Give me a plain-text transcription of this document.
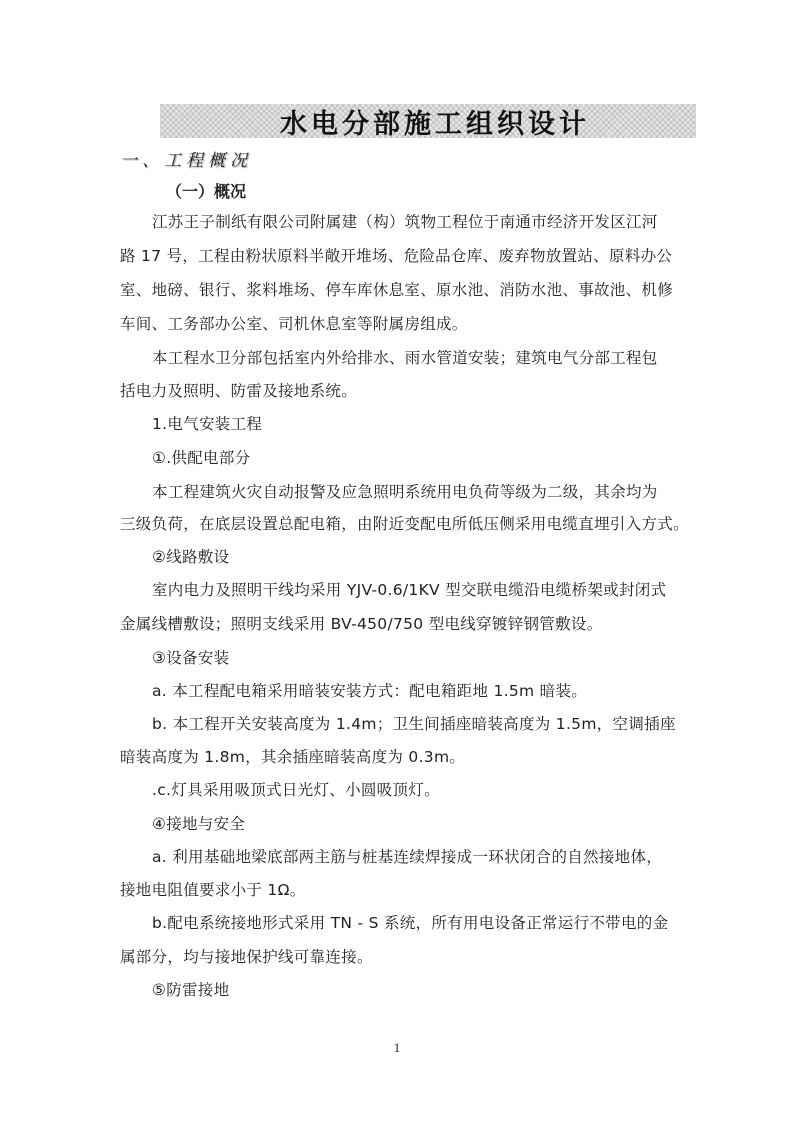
水电分部施工组织设计
一、工程概况
（一）概况
江苏王子制纸有限公司附属建（构）筑物工程位于南通市经济开发区江河
路 17 号，工程由粉状原料半敞开堆场、危险品仓库、废弃物放置站、原料办公
室、地磅、银行、浆料堆场、停车库休息室、原水池、消防水池、事故池、机修
车间、工务部办公室、司机休息室等附属房组成。
本工程水卫分部包括室内外给排水、雨水管道安装；建筑电气分部工程包
括电力及照明、防雷及接地系统。
1.电气安装工程
①.供配电部分
本工程建筑火灾自动报警及应急照明系统用电负荷等级为二级，其余均为
三级负荷，在底层设置总配电箱，由附近变配电所低压侧采用电缆直埋引入方式。
②线路敷设
室内电力及照明干线均采用 YJV-0.6/1KV 型交联电缆沿电缆桥架或封闭式
金属线槽敷设；照明支线采用 BV-450/750 型电线穿镀锌钢管敷设。
③设备安装
a. 本工程配电箱采用暗装安装方式：配电箱距地 1.5m 暗装。
b. 本工程开关安装高度为 1.4m；卫生间插座暗装高度为 1.5m，空调插座
暗装高度为 1.8m，其余插座暗装高度为 0.3m。
.c.灯具采用吸顶式日光灯、小圆吸顶灯。
④接地与安全
a. 利用基础地梁底部两主筋与桩基连续焊接成一环状闭合的自然接地体，
接地电阻值要求小于 1Ω。
b.配电系统接地形式采用 TN - S 系统，所有用电设备正常运行不带电的金
属部分，均与接地保护线可靠连接。
⑤防雷接地
1
